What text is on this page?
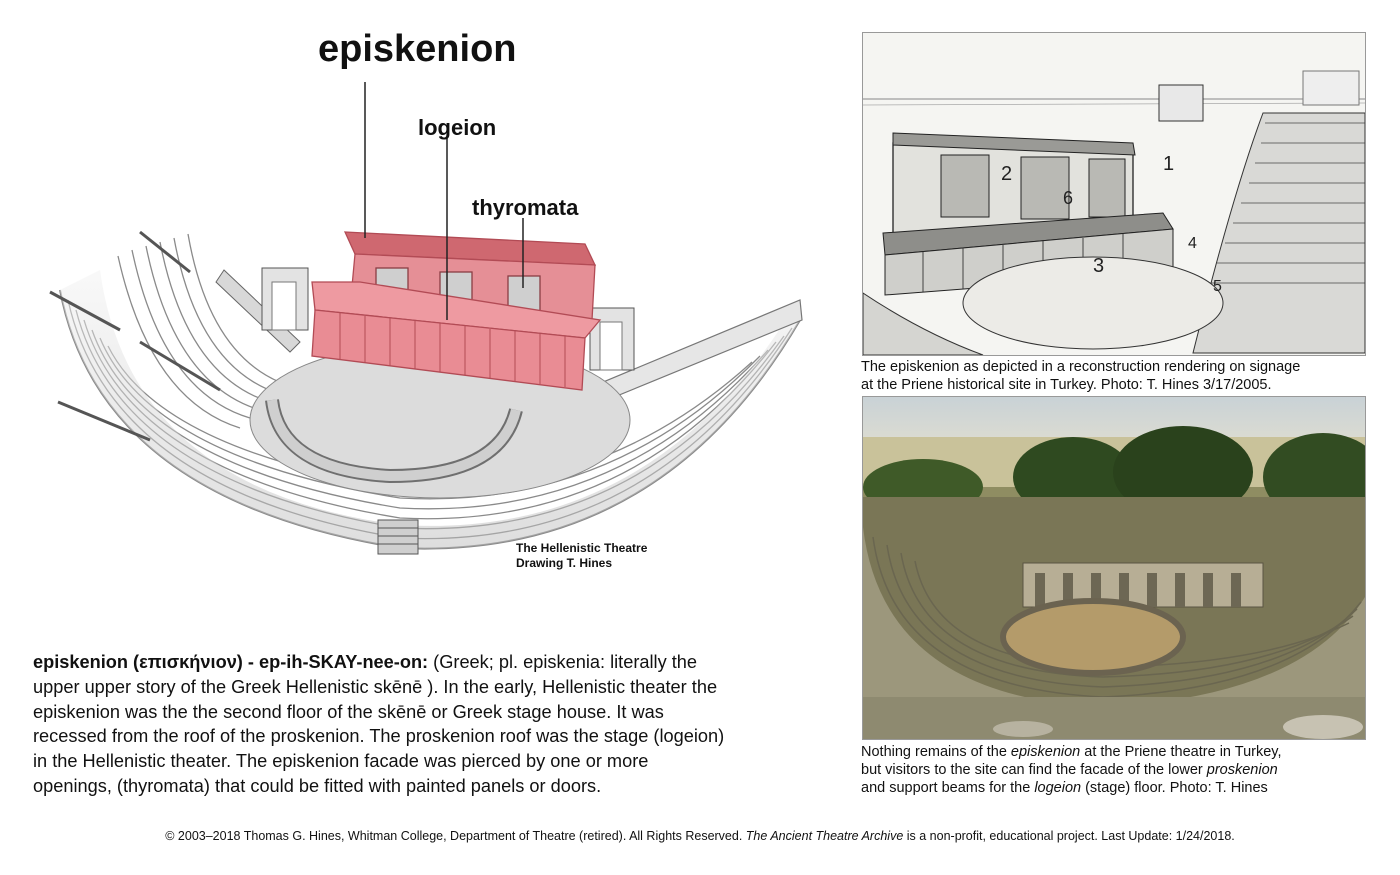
episkenion
logeion
thyromata
The Hellenistic Theatre
Drawing T. Hines
1
2
3
4
5
6
The episkenion as depicted in a reconstruction rendering on signage
at the Priene historical site in Turkey. Photo: T. Hines 3/17/2005.
Nothing remains of the episkenion at the Priene theatre in Turkey,
but visitors to the site can find the facade of the lower proskenion
and support beams for the logeion (stage) floor. Photo: T. Hines
episkenion (επισκήνιον) - ep-ih-SKAY-nee-on: (Greek; pl. episkenia: literally the
upper upper story of the Greek Hellenistic skēnē ). In the early, Hellenistic theater the
episkenion was the the second floor of the skēnē or Greek stage house. It was
recessed from the roof of the proskenion. The proskenion roof was the stage (logeion)
in the Hellenistic theater. The episkenion facade was pierced by one or more
openings, (thyromata) that could be fitted with painted panels or doors.
© 2003–2018 Thomas G. Hines, Whitman College, Department of Theatre (retired). All Rights Reserved. The Ancient Theatre Archive is a non-profit, educational project. Last Update: 1/24/2018.
